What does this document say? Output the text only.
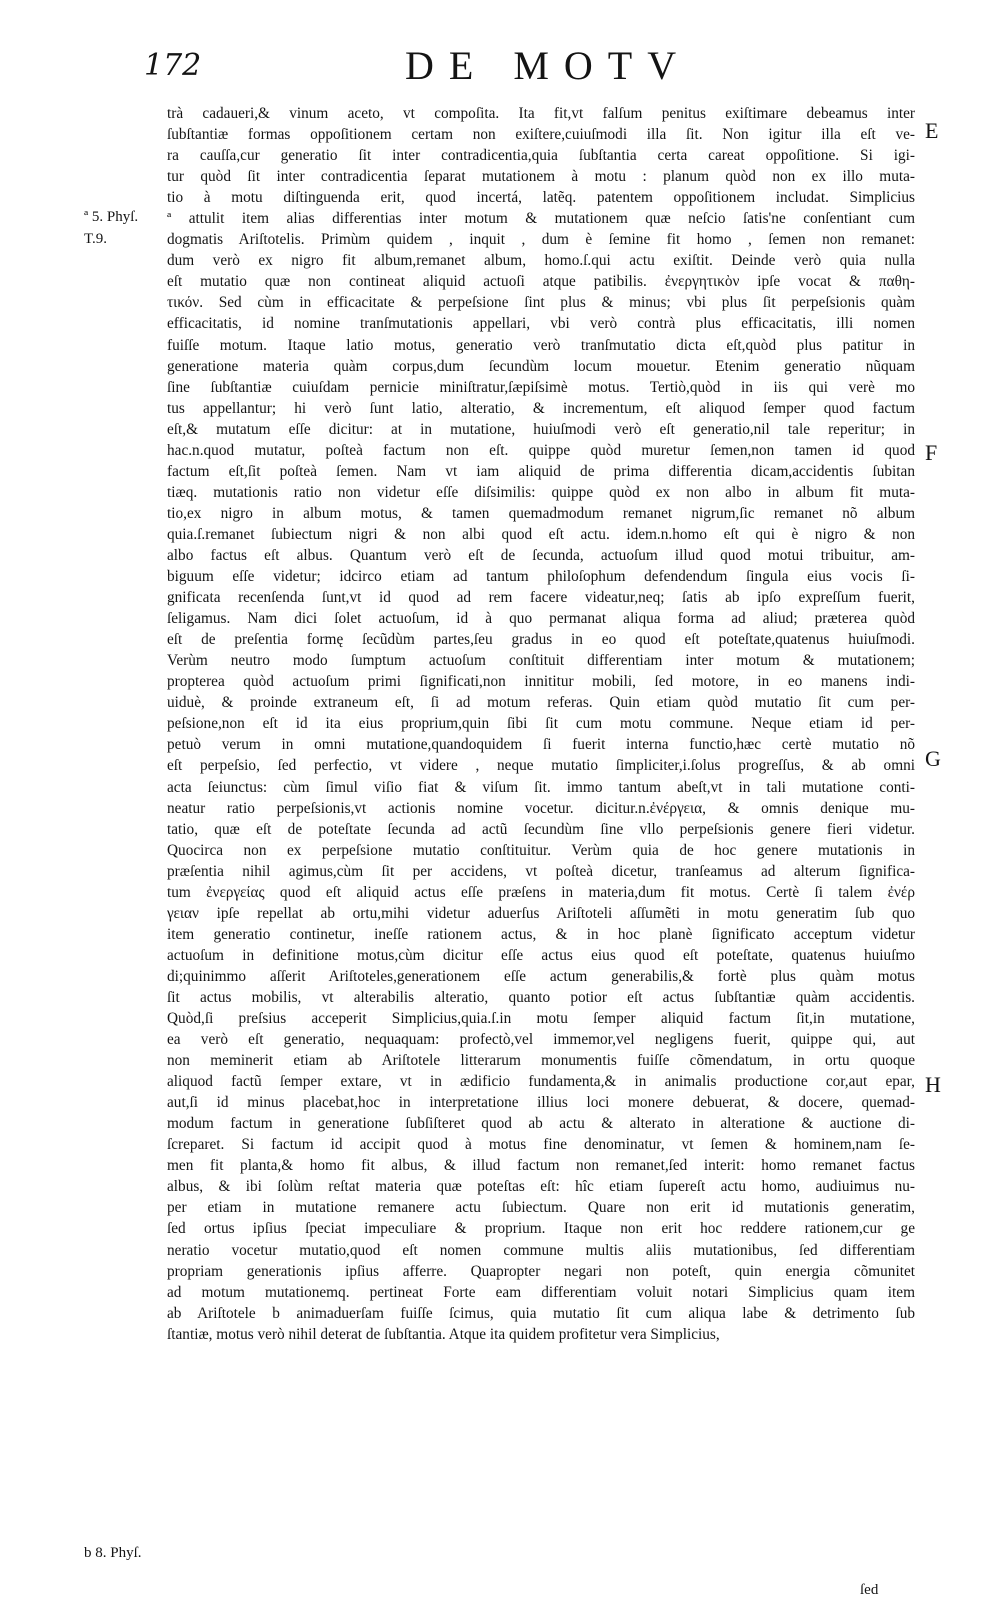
172	DE MOTV
E
F
G
H
ª 5. Phyſ.
T.9.
b 8. Phyſ.
trà cadaueri,& vinum aceto, vt compoſita. Ita fit,vt falſum penitus exiſtimare debeamus inter
ſubſtantiæ formas oppoſitionem certam non exiſtere,cuiuſmodi illa ſit. Non igitur illa eſt ve-
ra cauſſa,cur generatio ſit inter contradicentia,quia ſubſtantia certa careat oppoſitione. Si igi-
tur quòd ſit inter contradicentia ſeparat mutationem à motu : planum quòd non ex illo muta-
tio à motu diſtinguenda erit, quod incertá, latẽq. patentem oppoſitionem includat. Simplicius
ª attulit item alias differentias inter motum & mutationem quæ neſcio ſatis'ne conſentiant cum
dogmatis Ariſtotelis. Primùm quidem , inquit , dum è ſemine fit homo , ſemen non remanet:
dum verò ex nigro fit album,remanet album, homo.ſ.qui actu exiſtit. Deinde verò quia nulla
eſt mutatio quæ non contineat aliquid actuoſi atque patibilis. ἐνεργητικὸν ipſe vocat & παθη-
τικόν. Sed cùm in efficacitate & perpeſsione ſint plus & minus; vbi plus ſit perpeſsionis quàm
efficacitatis, id nomine tranſmutationis appellari, vbi verò contrà plus efficacitatis, illi nomen
fuiſſe motum. Itaque latio motus, generatio verò tranſmutatio dicta eſt,quòd plus patitur in
generatione materia quàm corpus,dum ſecundùm locum mouetur. Etenim generatio nũquam
ſine ſubſtantiæ cuiuſdam pernicie miniſtratur,ſæpiſsimè motus. Tertiò,quòd in iis qui verè mo
tus appellantur; hi verò ſunt latio, alteratio, & incrementum, eſt aliquod ſemper quod factum
eſt,& mutatum eſſe dicitur: at in mutatione, huiuſmodi verò eſt generatio,nil tale reperitur; in
hac.n.quod mutatur, poſteà factum non eſt. quippe quòd muretur ſemen,non tamen id quod
factum eſt,ſit poſteà ſemen. Nam vt iam aliquid de prima differentia dicam,accidentis ſubitan
tiæq. mutationis ratio non videtur eſſe diſsimilis: quippe quòd ex non albo in album fit muta-
tio,ex nigro in album motus, & tamen quemadmodum remanet nigrum,ſic remanet nõ album
quia.ſ.remanet ſubiectum nigri & non albi quod eſt actu. idem.n.homo eſt qui è nigro & non
albo factus eſt albus. Quantum verò eſt de ſecunda, actuoſum illud quod motui tribuitur, am-
biguum eſſe videtur; idcirco etiam ad tantum philoſophum defendendum ſingula eius vocis ſi-
gnificata recenſenda ſunt,vt id quod ad rem facere videatur,neq; ſatis ab ipſo expreſſum fuerit,
ſeligamus. Nam dici ſolet actuoſum, id à quo permanat aliqua forma ad aliud; præterea quòd
eſt de preſentia formę ſecũdùm partes,ſeu gradus in eo quod eſt poteſtate,quatenus huiuſmodi.
Verùm neutro modo ſumptum actuoſum conſtituit differentiam inter motum & mutationem;
propterea quòd actuoſum primi ſignificati,non innititur mobili, ſed motore, in eo manens indi-
uiduè, & proinde extraneum eſt, ſi ad motum referas. Quin etiam quòd mutatio ſit cum per-
peſsione,non eſt id ita eius proprium,quin ſibi ſit cum motu commune. Neque etiam id per-
petuò verum in omni mutatione,quandoquidem ſi fuerit interna functio,hæc certè mutatio nõ
eſt perpeſsio, ſed perfectio, vt videre , neque mutatio ſimpliciter,i.ſolus progreſſus, & ab omni
acta ſeiunctus: cùm ſimul viſio fiat & viſum ſit. immo tantum abeſt,vt in tali mutatione conti-
neatur ratio perpeſsionis,vt actionis nomine vocetur. dicitur.n.ἐνέργεια, & omnis denique mu-
tatio, quæ eſt de poteſtate ſecunda ad actũ ſecundùm ſine vllo perpeſsionis genere fieri videtur.
Quocirca non ex perpeſsione mutatio conſtituitur. Verùm quia de hoc genere mutationis in
præſentia nihil agimus,cùm ſit per accidens, vt poſteà dicetur, tranſeamus ad alterum ſignifica-
tum ἐνεργείας quod eſt aliquid actus eſſe præſens in materia,dum fit motus. Certè ſi talem ἐνέρ
γειαν ipſe repellat ab ortu,mihi videtur aduerſus Ariſtoteli aſſumẽti in motu generatim ſub quo
item generatio continetur, ineſſe rationem actus, & in hoc planè ſignificato acceptum videtur
actuoſum in definitione motus,cùm dicitur eſſe actus eius quod eſt poteſtate, quatenus huiuſmo
di;quinimmo aſſerit Ariſtoteles,generationem eſſe actum generabilis,& fortè plus quàm motus
ſit actus mobilis, vt alterabilis alteratio, quanto potior eſt actus ſubſtantiæ quàm accidentis.
Quòd,ſi preſsius acceperit Simplicius,quia.ſ.in motu ſemper aliquid factum ſit,in mutatione,
ea verò eſt generatio, nequaquam: profectò,vel immemor,vel negligens fuerit, quippe qui, aut
non meminerit etiam ab Ariſtotele litterarum monumentis fuiſſe cõmendatum, in ortu quoque
aliquod factũ ſemper extare, vt in ædificio fundamenta,& in animalis productione cor,aut epar,
aut,ſi id minus placebat,hoc in interpretatione illius loci monere debuerat, & docere, quemad-
modum factum in generatione ſubſiſteret quod ab actu & alterato in alteratione & auctione di-
ſcreparet. Si factum id accipit quod à motus fine denominatur, vt ſemen & hominem,nam ſe-
men fit planta,& homo fit albus, & illud factum non remanet,ſed interit: homo remanet factus
albus, & ibi ſolùm reſtat materia quæ poteſtas eſt: hîc etiam ſupereſt actu homo, audiuimus nu-
per etiam in mutatione remanere actu ſubiectum. Quare non erit id mutationis generatim,
ſed ortus ipſius ſpeciat impeculiare & proprium. Itaque non erit hoc reddere rationem,cur ge
neratio vocetur mutatio,quod eſt nomen commune multis aliis mutationibus, ſed differentiam
propriam generationis ipſius afferre. Quapropter negari non poteſt, quin energia cõmunitet
ad motum mutationemq. pertineat Forte eam differentiam voluit notari Simplicius quam item
ab Ariſtotele b animaduerſam fuiſſe ſcimus, quia mutatio ſit cum aliqua labe & detrimento ſub
ſtantiæ, motus verò nihil deterat de ſubſtantia. Atque ita quidem profitetur vera Simplicius,
ſed
